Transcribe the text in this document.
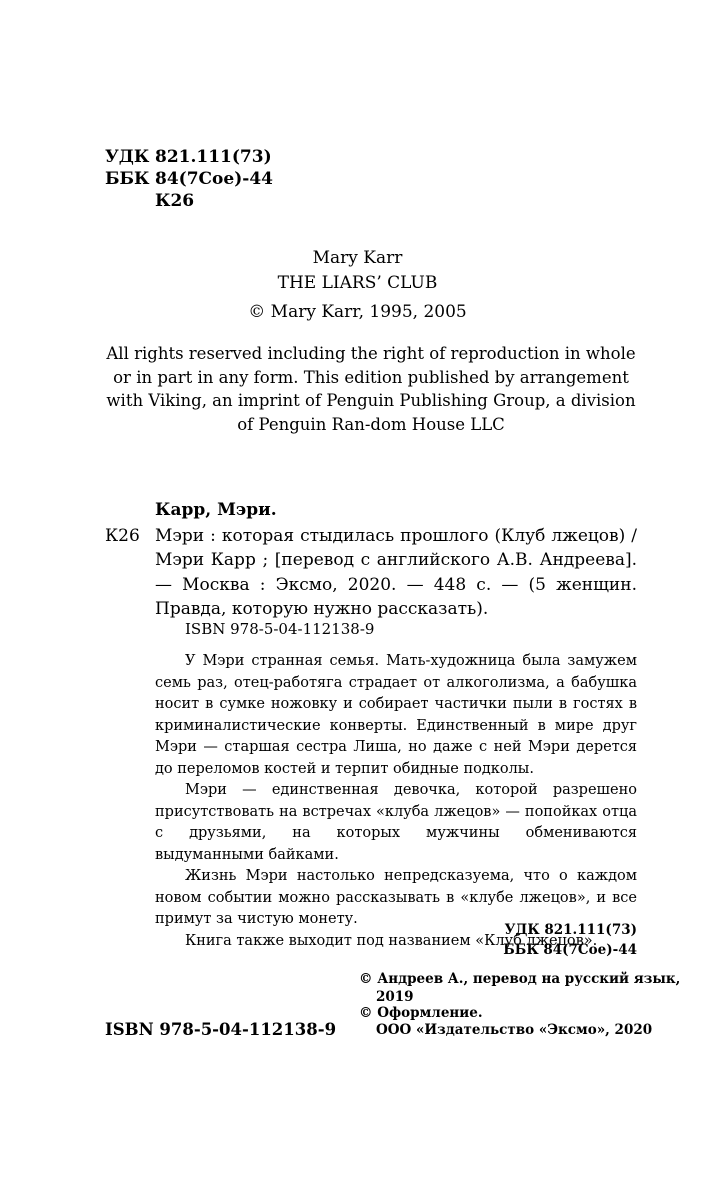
УДК 821.111(73)
ББК 84(7Сое)-44
К26
Mary Karr
THE LIARS’ CLUB
© Mary Karr, 1995, 2005
All rights reserved including the right of reproduction in whole or in part in any form. This edition published by arrangement with Viking, an imprint of Penguin Publishing Group, a division of Penguin Ran-dom House LLC
Карр, Мэри.
К26 Мэри : которая стыдилась прошлого (Клуб лжецов) / Мэри Карр ; [перевод с английского А.В. Андреева]. — Москва : Эксмо, 2020. — 448 с. — (5 женщин. Правда, которую нужно рассказать).
ISBN 978-5-04-112138-9

У Мэри странная семья. Мать-художница была замужем семь раз, отец-работяга страдает от алкоголизма, а бабушка носит в сумке ножовку и собирает частички пыли в гостях в криминалистические конверты. Единственный в мире друг Мэри — старшая сестра Лиша, но даже с ней Мэри дерется до переломов костей и терпит обидные подколы.

Мэри — единственная девочка, которой разрешено присутствовать на встречах «клуба лжецов» — попойках отца с друзьями, на которых мужчины обмениваются выдуманными байками.

Жизнь Мэри настолько непредсказуема, что о каждом новом событии можно рассказывать в «клубе лжецов», и все примут за чистую монету.

Книга также выходит под названием «Клуб лжецов».

УДК 821.111(73)
ББК 84(7Сое)-44
© Андреев А., перевод на русский язык,
2019
© Оформление.
ООО «Издательство «Эксмо», 2020
ISBN 978-5-04-112138-9
